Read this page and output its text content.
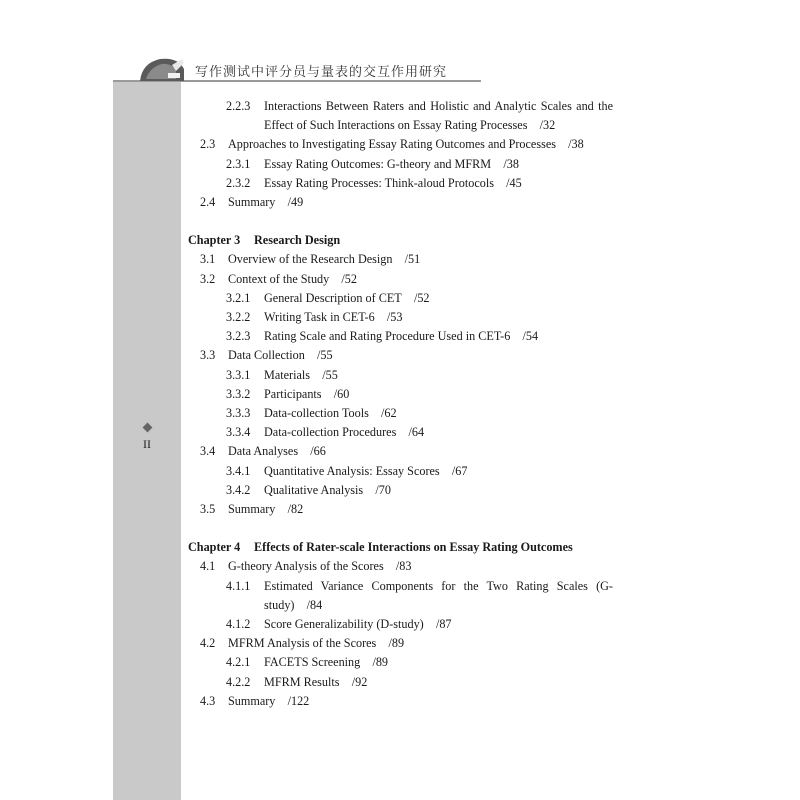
写作测试中评分员与量表的交互作用研究
II
2.2.3	Interactions Between Raters and Holistic and Analytic Scales and the Effect of Such Interactions on Essay Rating Processes /32
2.3 Approaches to Investigating Essay Rating Outcomes and Processes /38
2.3.1 Essay Rating Outcomes: G-theory and MFRM /38
2.3.2 Essay Rating Processes: Think-aloud Protocols /45
2.4 Summary /49
Chapter 3 Research Design
3.1 Overview of the Research Design /51
3.2 Context of the Study /52
3.2.1 General Description of CET /52
3.2.2 Writing Task in CET-6 /53
3.2.3 Rating Scale and Rating Procedure Used in CET-6 /54
3.3 Data Collection /55
3.3.1 Materials /55
3.3.2 Participants /60
3.3.3 Data-collection Tools /62
3.3.4 Data-collection Procedures /64
3.4 Data Analyses /66
3.4.1 Quantitative Analysis: Essay Scores /67
3.4.2 Qualitative Analysis /70
3.5 Summary /82
Chapter 4 Effects of Rater-scale Interactions on Essay Rating Outcomes
4.1 G-theory Analysis of the Scores /83
4.1.1	Estimated Variance Components for the Two Rating Scales (G-study) /84
4.1.2 Score Generalizability (D-study) /87
4.2 MFRM Analysis of the Scores /89
4.2.1 FACETS Screening /89
4.2.2 MFRM Results /92
4.3 Summary /122
